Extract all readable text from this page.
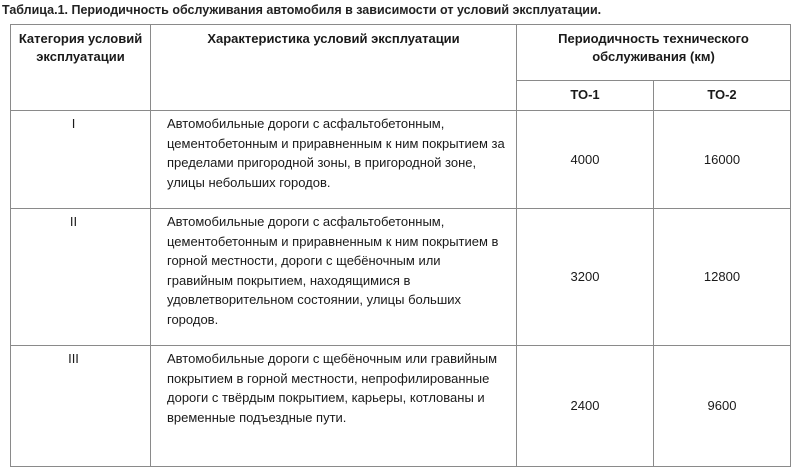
Таблица.1. Периодичность обслуживания автомобиля в зависимости от условий эксплуатации.
Категория условий эксплуатации	Характеристика условий эксплуатации	Периодичность технического обслуживания (км)	
		ТО-1	ТО-2
I	Автомобильные дороги с асфальтобетонным, цементобетонным и приравненным к ним покрытием за пределами пригородной зоны, в пригородной зоне, улицы небольших городов.	4000	16000
II	Автомобильные дороги с асфальтобетонным, цементобетонным и приравненным к ним покрытием в горной местности, дороги с щебёночным или гравийным покрытием, находящимися в удовлетворительном состоянии, улицы больших городов.	3200	12800
III	Автомобильные дороги с щебёночным или гравийным покрытием в горной местности, непрофилированные дороги с твёрдым покрытием, карьеры, котлованы и временные подъездные пути.	2400	9600
